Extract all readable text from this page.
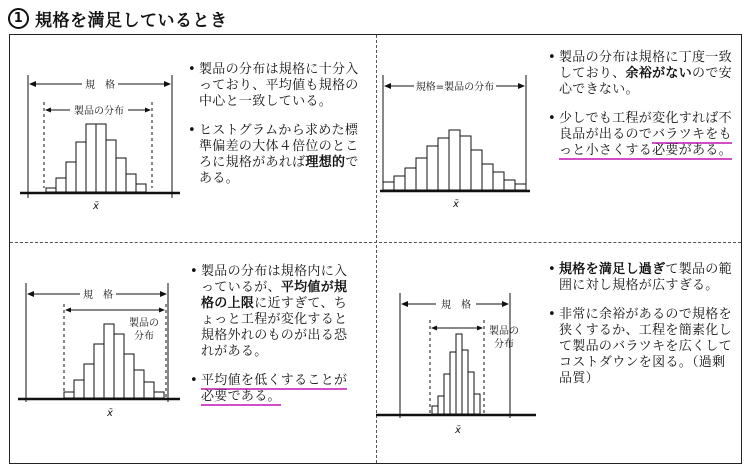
1 規格を満足しているとき
規　格
製品の分布
x̄
• 製品の分布は規格に十分入っており、平均値も規格の中心と一致している。
• ヒストグラムから求めた標準偏差の大体４倍位のところに規格があれば理想的である。
規格=製品の分布
x̄
• 製品の分布は規格に丁度一致しており、余裕がないので安心できない。
• 少しでも工程が変化すれば不良品が出るのでバラツキをもっと小さくする必要がある。
規　格
製品の
分布
x̄
• 製品の分布は規格内に入っているが、平均値が規格の上限に近すぎて、ちょっと工程が変化すると規格外れのものが出る恐れがある。
• 平均値を低くすることが必要である。
規　格
製品の
分布
x̄
• 規格を満足し過ぎて製品の範囲に対し規格が広すぎる。
• 非常に余裕があるので規格を狭くするか、工程を簡素化して製品のバラツキを広くしてコストダウンを図る。（過剰品質）
